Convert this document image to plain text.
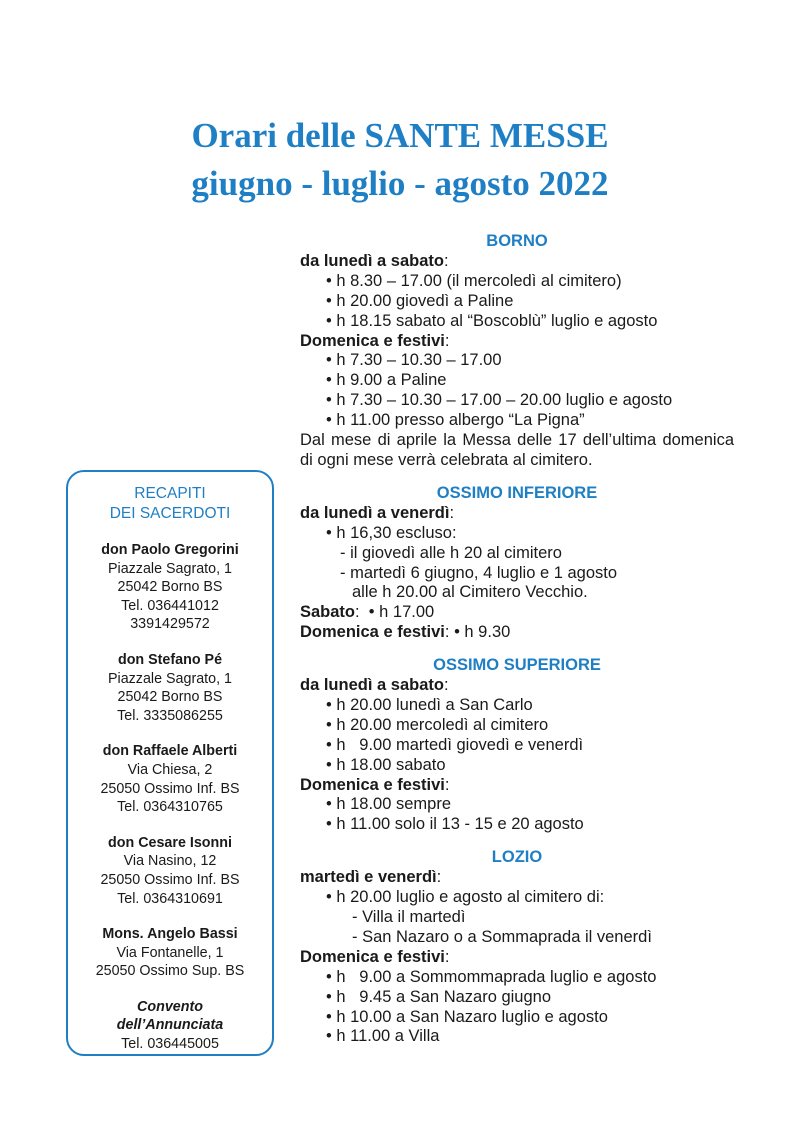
Orari delle SANTE MESSE
giugno - luglio - agosto 2022
BORNO
da lunedì a sabato:
• h 8.30 – 17.00 (il mercoledì al cimitero)
• h 20.00 giovedì a Paline
• h 18.15 sabato al “Boscoblù” luglio e agosto
Domenica e festivi:
• h 7.30 – 10.30 – 17.00
• h 9.00 a Paline
• h 7.30 – 10.30 – 17.00 – 20.00 luglio e agosto
• h 11.00 presso albergo “La Pigna”
Dal mese di aprile la Messa delle 17 dell’ultima domenica di ogni mese verrà celebrata al cimitero.
OSSIMO INFERIORE
da lunedì a venerdì:
• h 16,30 escluso:
- il giovedì alle h 20 al cimitero
- martedì 6 giugno, 4 luglio e 1 agosto
alle h 20.00 al Cimitero Vecchio.
Sabato:  • h 17.00
Domenica e festivi: • h 9.30
OSSIMO SUPERIORE
da lunedì a sabato:
• h 20.00 lunedì a San Carlo
• h 20.00 mercoledì al cimitero
• h   9.00 martedì giovedì e venerdì
• h 18.00 sabato
Domenica e festivi:
• h 18.00 sempre
• h 11.00 solo il 13 - 15 e 20 agosto
LOZIO
martedì e venerdì:
• h 20.00 luglio e agosto al cimitero di:
- Villa il martedì
- San Nazaro o a Sommaprada il venerdì
Domenica e festivi:
• h   9.00 a Sommommaprada luglio e agosto
• h   9.45 a San Nazaro giugno
• h 10.00 a San Nazaro luglio e agosto
• h 11.00 a Villa
RECAPITI
DEI SACERDOTI
don Paolo Gregorini
Piazzale Sagrato, 1
25042 Borno BS
Tel. 036441012
3391429572
don Stefano Pé
Piazzale Sagrato, 1
25042 Borno BS
Tel. 3335086255
don Raffaele Alberti
Via Chiesa, 2
25050 Ossimo Inf. BS
Tel. 0364310765
don Cesare Isonni
Via Nasino, 12
25050 Ossimo Inf. BS
Tel. 0364310691
Mons. Angelo Bassi
Via Fontanelle, 1
25050 Ossimo Sup. BS
Convento
dell’Annunciata
Tel. 036445005
